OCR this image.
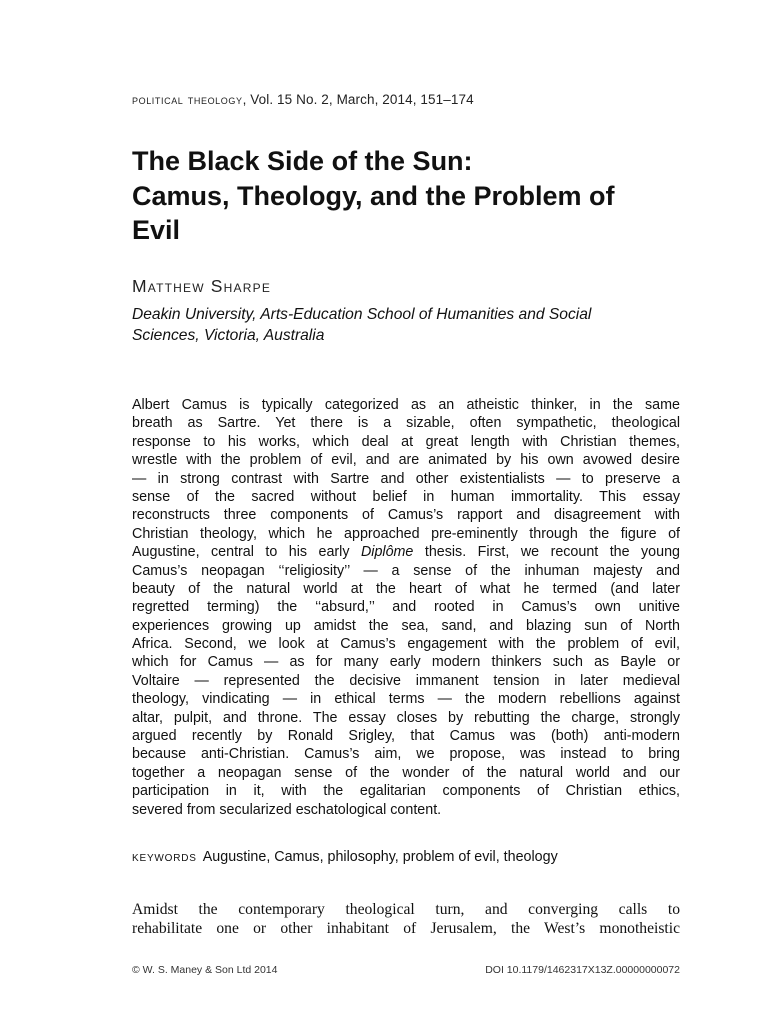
political theology, Vol. 15 No. 2, March, 2014, 151–174
The Black Side of the Sun:
Camus, Theology, and the Problem of
Evil
Matthew Sharpe
Deakin University, Arts-Education School of Humanities and Social
Sciences, Victoria, Australia
Albert Camus is typically categorized as an atheistic thinker, in the same
breath as Sartre. Yet there is a sizable, often sympathetic, theological
response to his works, which deal at great length with Christian themes,
wrestle with the problem of evil, and are animated by his own avowed desire
— in strong contrast with Sartre and other existentialists — to preserve a
sense of the sacred without belief in human immortality. This essay
reconstructs three components of Camus’s rapport and disagreement with
Christian theology, which he approached pre-eminently through the figure of
Augustine, central to his early Diplôme thesis. First, we recount the young
Camus’s neopagan ‘‘religiosity’’ — a sense of the inhuman majesty and
beauty of the natural world at the heart of what he termed (and later
regretted terming) the ‘‘absurd,’’ and rooted in Camus’s own unitive
experiences growing up amidst the sea, sand, and blazing sun of North
Africa. Second, we look at Camus’s engagement with the problem of evil,
which for Camus — as for many early modern thinkers such as Bayle or
Voltaire — represented the decisive immanent tension in later medieval
theology, vindicating — in ethical terms — the modern rebellions against
altar, pulpit, and throne. The essay closes by rebutting the charge, strongly
argued recently by Ronald Srigley, that Camus was (both) anti-modern
because anti-Christian. Camus’s aim, we propose, was instead to bring
together a neopagan sense of the wonder of the natural world and our
participation in it, with the egalitarian components of Christian ethics,
severed from secularized eschatological content.
keywords Augustine, Camus, philosophy, problem of evil, theology
Amidst the contemporary theological turn, and converging calls to
rehabilitate one or other inhabitant of Jerusalem, the West’s monotheistic
© W. S. Maney & Son Ltd 2014	DOI 10.1179/1462317X13Z.00000000072
